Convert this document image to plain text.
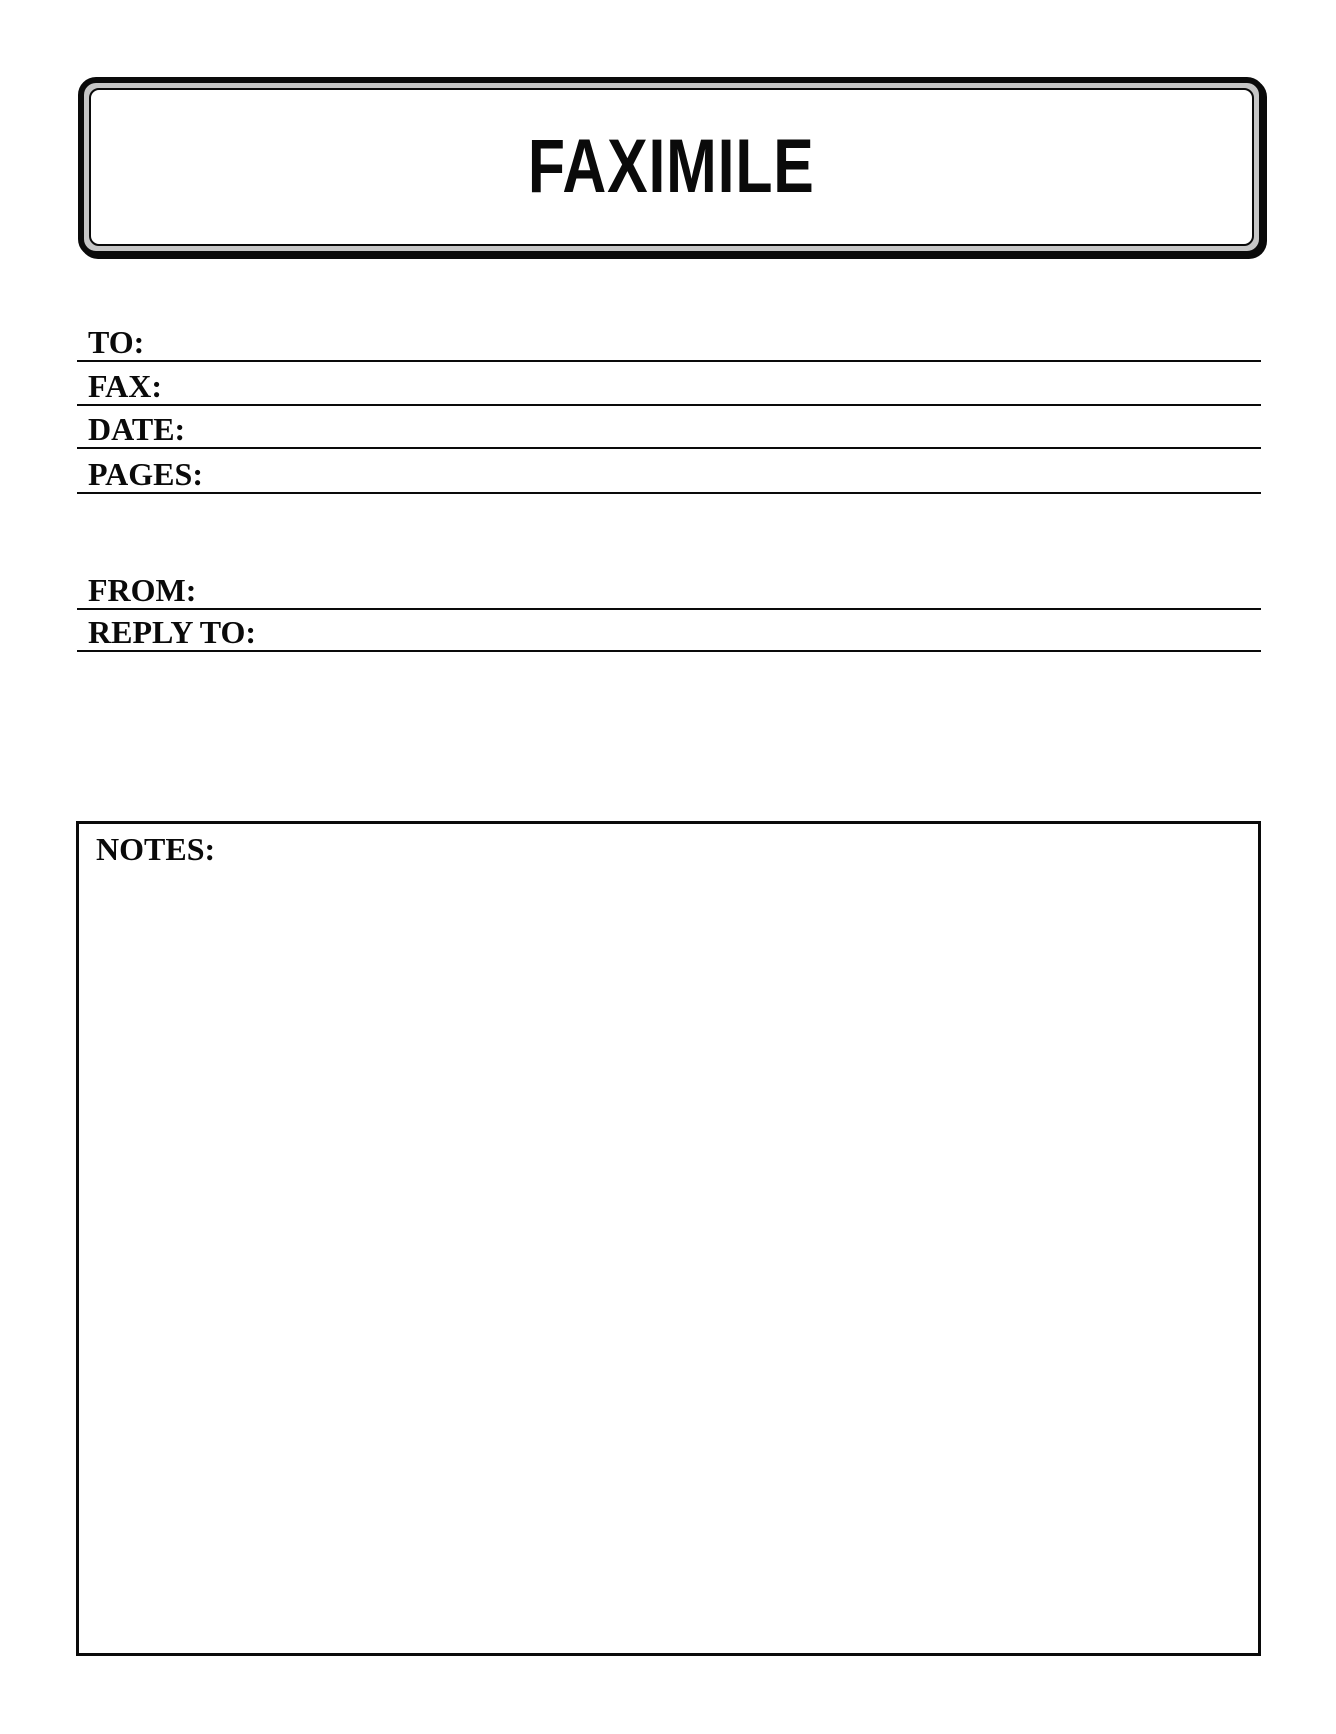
FAXIMILE
TO:
FAX:
DATE:
PAGES:
FROM:
REPLY TO:
NOTES:
